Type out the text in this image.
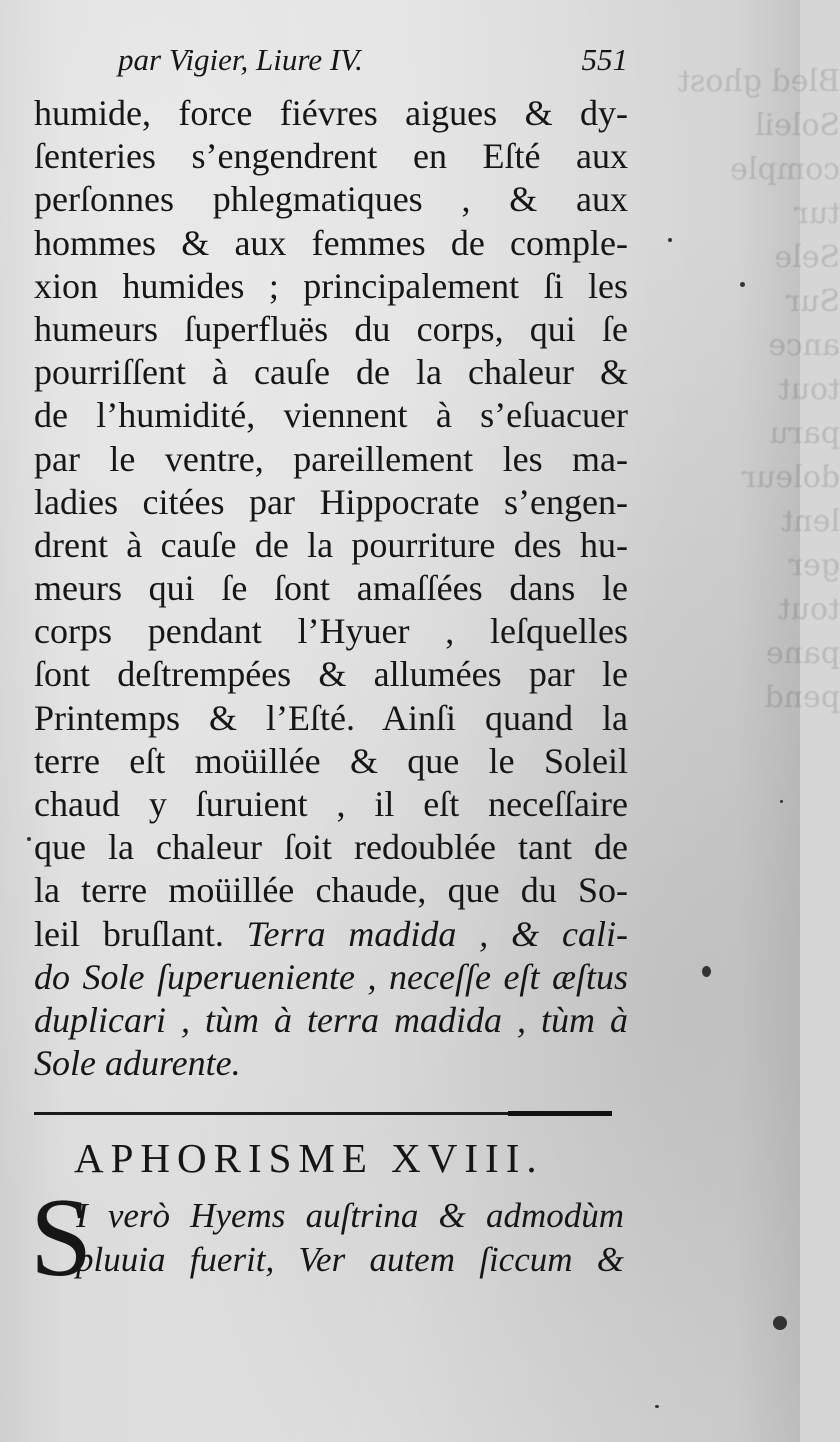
Bled ghost
Soleil
comple
tur
Sele
Sur
ance
tout
paru
doleur
lent
ger
tout
pane
pend
par Vigier, Liure IV.	551
humide, force fiévres aigues & dy-
ſenteries s’engendrent en Eſté aux
perſonnes phlegmatiques , & aux
hommes & aux femmes de comple-
xion humides ; principalement ſi les
humeurs ſuperfluës du corps, qui ſe
pourriſſent à cauſe de la chaleur &
de l’humidité, viennent à s’eſuacuer
par le ventre, pareillement les ma-
ladies citées par Hippocrate s’engen-
drent à cauſe de la pourriture des hu-
meurs qui ſe ſont amaſſées dans le
corps pendant l’Hyuer , leſquelles
ſont deſtrempées & allumées par le
Printemps & l’Eſté. Ainſi quand la
terre eſt moüillée & que le Soleil
chaud y ſuruient , il eſt neceſſaire
que la chaleur ſoit redoublée tant de
la terre moüillée chaude, que du So-
leil bruſlant. Terra madida , & cali-
do Sole ſuperueniente , neceſſe eſt æſtus
duplicari , tùm à terra madida , tùm à
Sole adurente.
APHORISME XVIII.
S
I verò Hyems auſtrina & admodùm
pluuia fuerit, Ver autem ſiccum &
